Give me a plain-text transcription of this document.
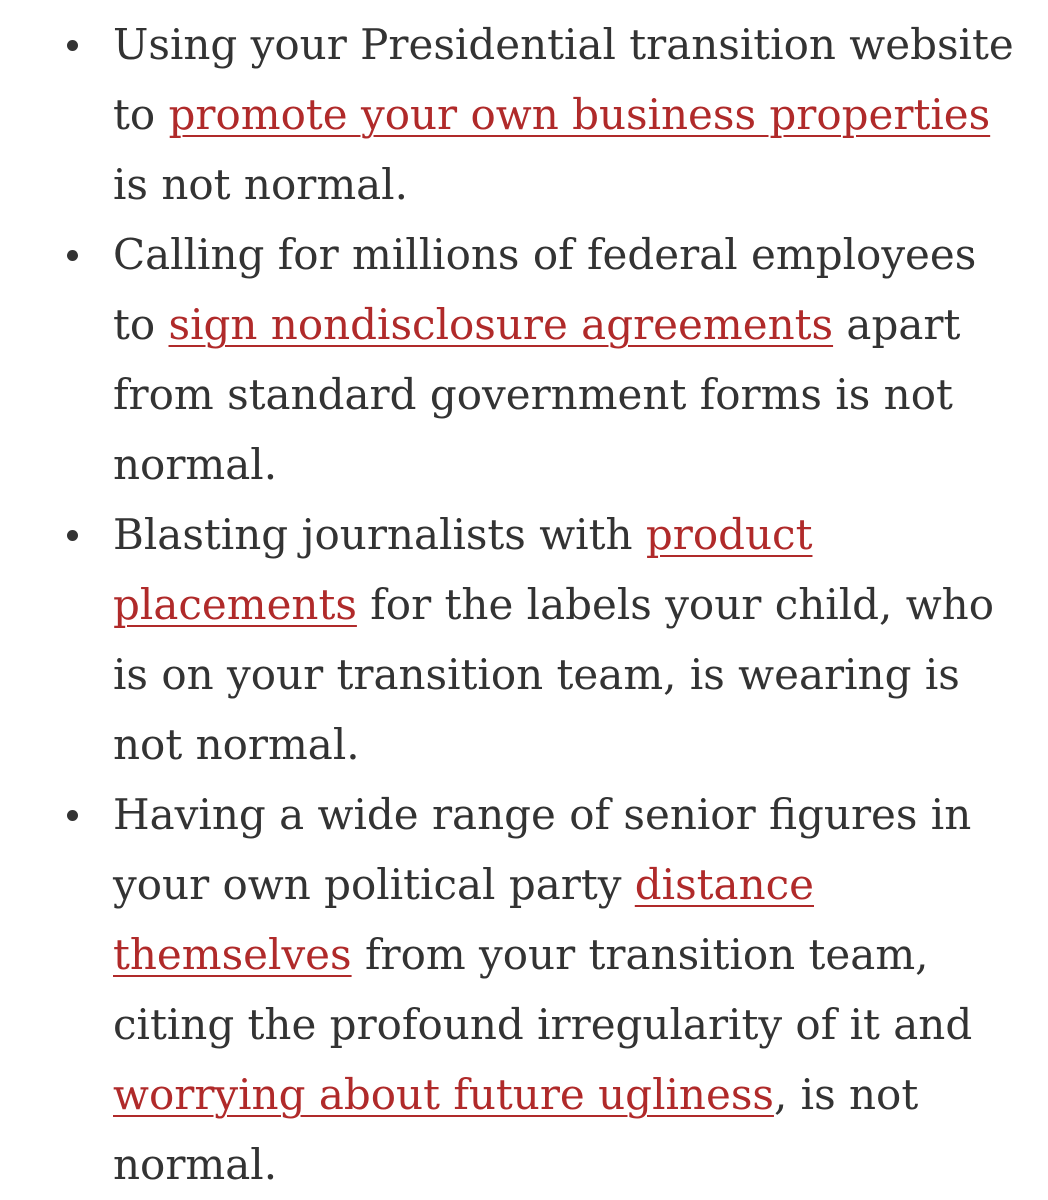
Using your Presidential transition website to promote your own business properties is not normal.
Calling for millions of federal employees to sign nondisclosure agreements apart from standard government forms is not normal.
Blasting journalists with product placements for the labels your child, who is on your transition team, is wearing is not normal.
Having a wide range of senior figures in your own political party distance themselves from your transition team, citing the profound irregularity of it and worrying about future ugliness, is not normal.
